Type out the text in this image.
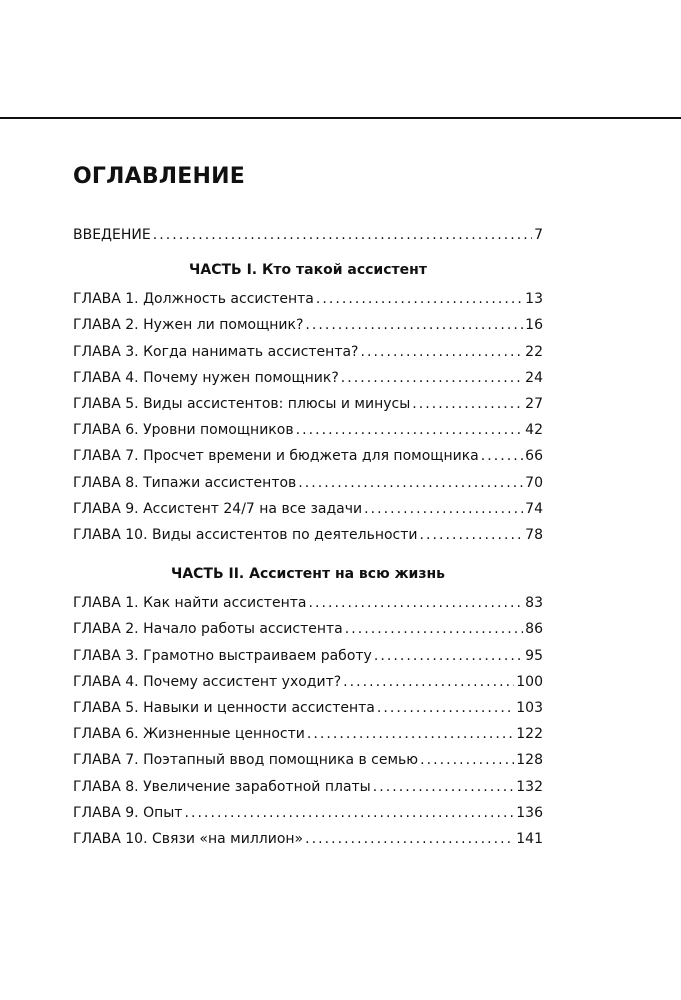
ОГЛАВЛЕНИЕ
ВВЕДЕНИЕ . . .	7
ЧАСТЬ I. Кто такой ассистент
ГЛАВА 1. Должность ассистента . . .	13
ГЛАВА 2. Нужен ли помощник? . . .	16
ГЛАВА 3. Когда нанимать ассистента? . . .	22
ГЛАВА 4. Почему нужен помощник? . . .	24
ГЛАВА 5. Виды ассистентов: плюсы и минусы . . .	27
ГЛАВА 6. Уровни помощников . . .	42
ГЛАВА 7. Просчет времени и бюджета для помощника . . .	66
ГЛАВА 8. Типажи ассистентов . . .	70
ГЛАВА 9. Ассистент 24/7 на все задачи . . .	74
ГЛАВА 10. Виды ассистентов по деятельности . . .	78
ЧАСТЬ II. Ассистент на всю жизнь
ГЛАВА 1. Как найти ассистента . . .	83
ГЛАВА 2. Начало работы ассистента . . .	86
ГЛАВА 3. Грамотно выстраиваем работу . . .	95
ГЛАВА 4. Почему ассистент уходит? . . .	100
ГЛАВА 5. Навыки и ценности ассистента . . .	103
ГЛАВА 6. Жизненные ценности . . .	122
ГЛАВА 7. Поэтапный ввод помощника в семью . . .	128
ГЛАВА 8. Увеличение заработной платы . . .	132
ГЛАВА 9. Опыт . . .	136
ГЛАВА 10. Связи «на миллион» . . .	141
